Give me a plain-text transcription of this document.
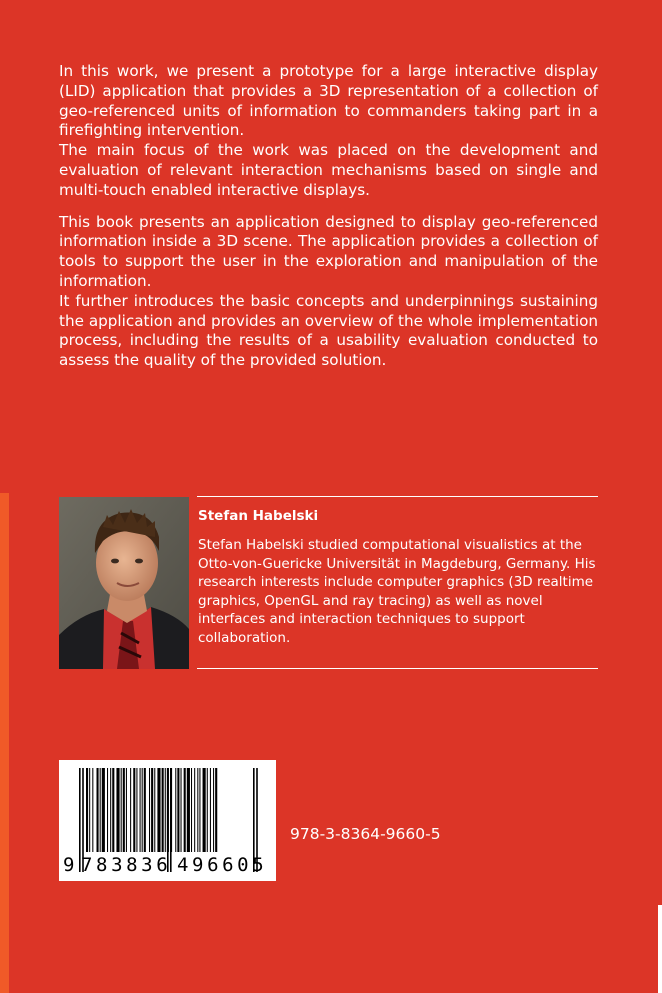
In this work, we present a prototype for a large interactive display (LID) application that provides a 3D representation of a collection of geo-referenced units of information to commanders taking part in a firefighting intervention.

The main focus of the work was placed on the development and evaluation of relevant interaction mechanisms based on single and multi-touch enabled interactive displays.

This book presents an application designed to display geo-referenced information inside a 3D scene. The application provides a collection of tools to support the user in the exploration and manipulation of the information.

It further introduces the basic concepts and underpinnings sustaining the application and provides an overview of the whole implementation process, including the results of a usability evaluation conducted to assess the quality of the provided solution.

Stefan Habelski
Stefan Habelski studied computational visualistics at the Otto-von-Guericke Universität in Magdeburg, Germany. His research interests include computer graphics (3D realtime graphics, OpenGL and ray tracing) as well as novel interfaces and interaction techniques to support collaboration.
9 783836 496605
978-3-8364-9660-5
